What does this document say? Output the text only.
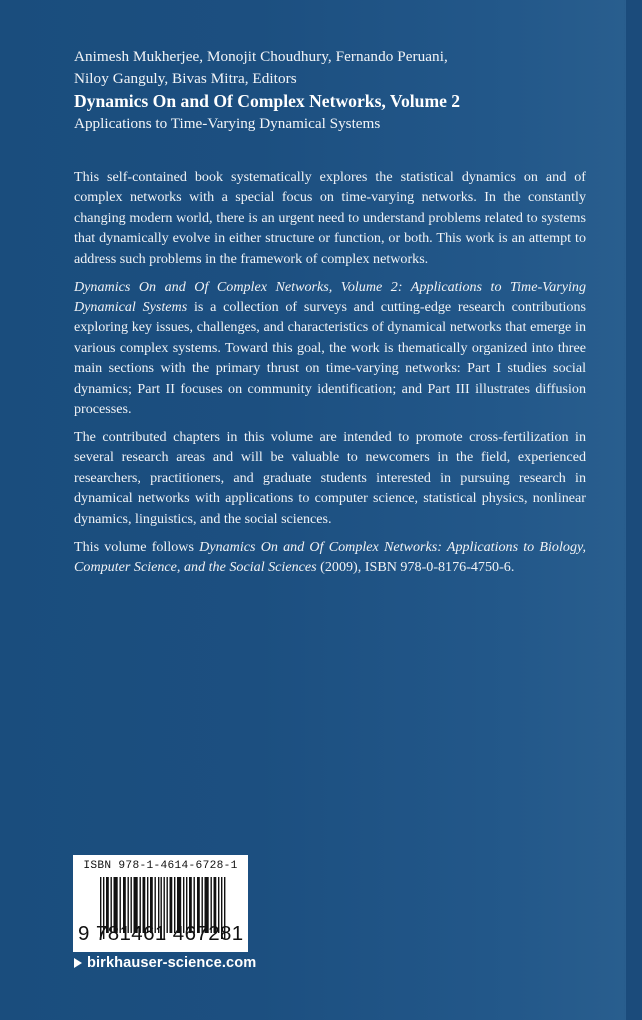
Animesh Mukherjee, Monojit Choudhury, Fernando Peruani,
Niloy Ganguly, Bivas Mitra, Editors
Dynamics On and Of Complex Networks, Volume 2
Applications to Time-Varying Dynamical Systems

This self-contained book systematically explores the statistical dynamics on and of complex networks with a special focus on time-varying networks. In the constantly changing modern world, there is an urgent need to understand problems related to systems that dynamically evolve in either structure or function, or both. This work is an attempt to address such problems in the framework of complex networks.

Dynamics On and Of Complex Networks, Volume 2: Applications to Time-Varying Dynamical Systems is a collection of surveys and cutting-edge research contributions exploring key issues, challenges, and characteristics of dynamical networks that emerge in various complex systems. Toward this goal, the work is thematically organized into three main sections with the primary thrust on time-varying networks: Part I studies social dynamics; Part II focuses on community identification; and Part III illustrates diffusion processes.

The contributed chapters in this volume are intended to promote cross-fertilization in several research areas and will be valuable to newcomers in the field, experienced researchers, practitioners, and graduate students interested in pursuing research in dynamical networks with applications to computer science, statistical physics, nonlinear dynamics, linguistics, and the social sciences.

This volume follows Dynamics On and Of Complex Networks: Applications to Biology, Computer Science, and the Social Sciences (2009), ISBN 978-0-8176-4750-6.

ISBN 978-1-4614-6728-1
9 781461 467281
birkhauser-science.com
